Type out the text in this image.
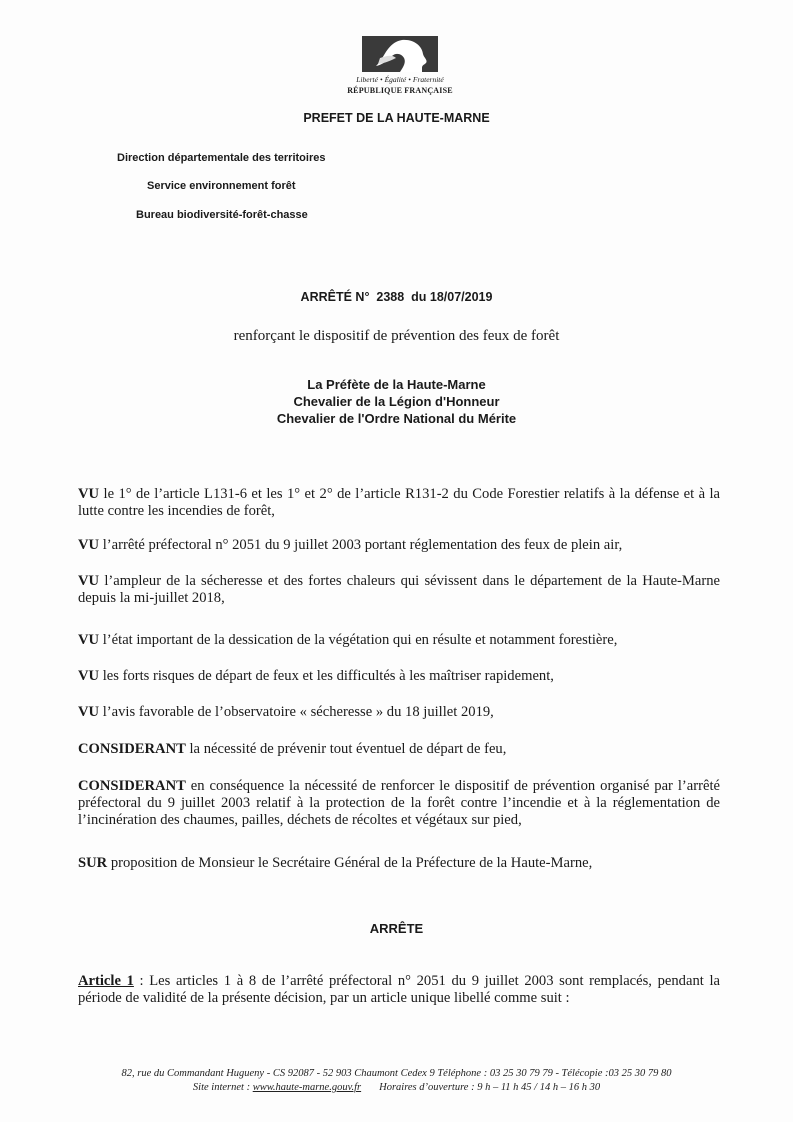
Liberté • Égalité • Fraternité
RÉPUBLIQUE FRANÇAISE
PREFET DE LA HAUTE-MARNE
Direction départementale des territoires
Service environnement forêt
Bureau biodiversité-forêt-chasse
ARRÊTÉ N°  2388  du 18/07/2019
renforçant le dispositif de prévention des feux de forêt
La Préfète de la Haute-Marne
Chevalier de la Légion d'Honneur
Chevalier de l'Ordre National du Mérite
VU le 1° de l’article L131-6 et les 1° et 2° de l’article R131-2 du Code Forestier relatifs à la défense et à la lutte contre les incendies de forêt,
VU l’arrêté préfectoral n° 2051 du 9 juillet 2003 portant réglementation des feux de plein air,
VU l’ampleur de la sécheresse et des fortes chaleurs qui sévissent dans le département de la Haute-Marne depuis la mi-juillet 2018,
VU l’état important de la dessication de la végétation qui en résulte et notamment forestière,
VU les forts risques de départ de feux et les difficultés à les maîtriser rapidement,
VU l’avis favorable de l’observatoire « sécheresse » du 18 juillet 2019,
CONSIDERANT la nécessité de prévenir tout éventuel de départ de feu,
CONSIDERANT en conséquence la nécessité de renforcer le dispositif de prévention organisé par l’arrêté préfectoral du 9 juillet 2003 relatif à la protection de la forêt contre l’incendie et à la réglementation de l’incinération des chaumes, pailles, déchets de récoltes et végétaux sur pied,
SUR proposition de Monsieur le Secrétaire Général de la Préfecture de la Haute-Marne,
ARRÊTE
Article 1 : Les articles 1 à 8 de l’arrêté préfectoral n° 2051 du 9 juillet 2003 sont remplacés, pendant la période de validité de la présente décision, par un article unique libellé comme suit :
82, rue du Commandant Hugueny - CS 92087 - 52 903 Chaumont Cedex 9 Téléphone : 03 25 30 79 79 - Télécopie :03 25 30 79 80
Site internet : www.haute-marne.gouv.fr Horaires d’ouverture : 9 h – 11 h 45 / 14 h – 16 h 30
